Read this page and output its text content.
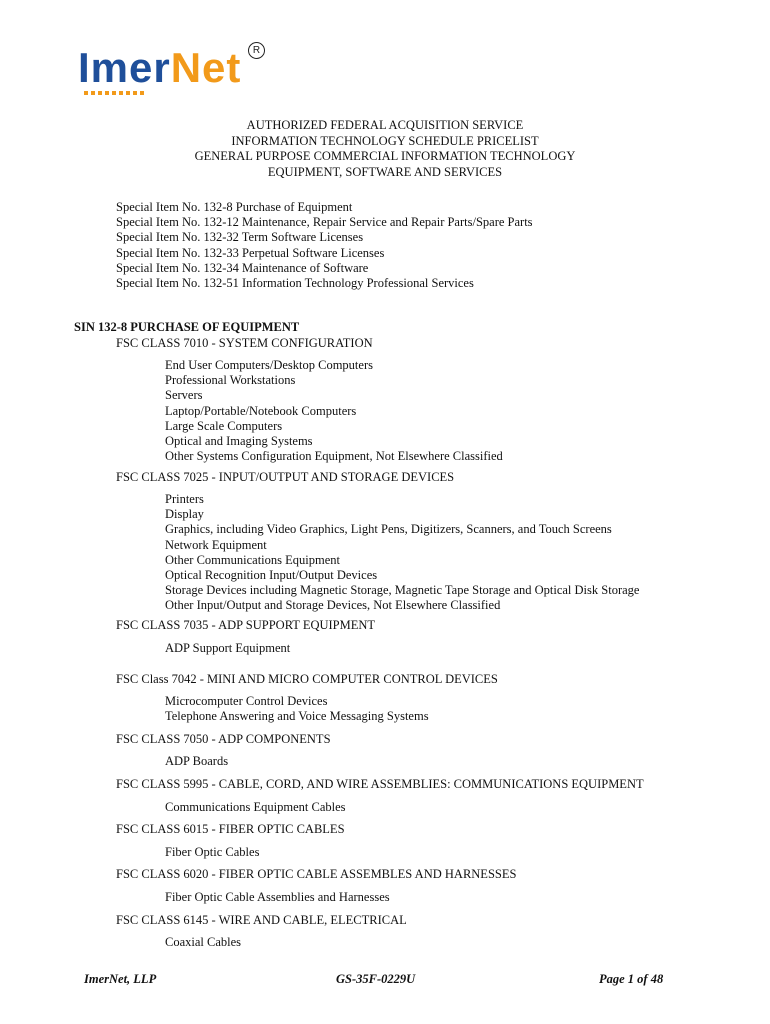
ImerNet	R
AUTHORIZED FEDERAL ACQUISITION SERVICE
INFORMATION TECHNOLOGY SCHEDULE PRICELIST
GENERAL PURPOSE COMMERCIAL INFORMATION TECHNOLOGY
EQUIPMENT, SOFTWARE AND SERVICES
Special Item No. 132-8 Purchase of Equipment
Special Item No. 132-12 Maintenance, Repair Service and Repair Parts/Spare Parts
Special Item No. 132-32 Term Software Licenses
Special Item No. 132-33 Perpetual Software Licenses
Special Item No. 132-34 Maintenance of Software
Special Item No. 132-51 Information Technology Professional Services
SIN 132-8 PURCHASE OF EQUIPMENT
FSC CLASS 7010 - SYSTEM CONFIGURATION
End User Computers/Desktop Computers
Professional Workstations
Servers
Laptop/Portable/Notebook Computers
Large Scale Computers
Optical and Imaging Systems
Other Systems Configuration Equipment, Not Elsewhere Classified
FSC CLASS 7025 - INPUT/OUTPUT AND STORAGE DEVICES
Printers
Display
Graphics, including Video Graphics, Light Pens, Digitizers, Scanners, and Touch Screens
Network Equipment
Other Communications Equipment
Optical Recognition Input/Output Devices
Storage Devices including Magnetic Storage, Magnetic Tape Storage and Optical Disk Storage
Other Input/Output and Storage Devices, Not Elsewhere Classified
FSC CLASS 7035 - ADP SUPPORT EQUIPMENT
ADP Support Equipment
FSC Class 7042 - MINI AND MICRO COMPUTER CONTROL DEVICES
Microcomputer Control Devices
Telephone Answering and Voice Messaging Systems
FSC CLASS 7050 - ADP COMPONENTS
ADP Boards
FSC CLASS 5995 - CABLE, CORD, AND WIRE ASSEMBLIES: COMMUNICATIONS EQUIPMENT
Communications Equipment Cables
FSC CLASS 6015 - FIBER OPTIC CABLES
Fiber Optic Cables
FSC CLASS 6020 - FIBER OPTIC CABLE ASSEMBLES AND HARNESSES
Fiber Optic Cable Assemblies and Harnesses
FSC CLASS 6145 - WIRE AND CABLE, ELECTRICAL
Coaxial Cables
ImerNet, LLP	GS-35F-0229U	Page 1 of 48
